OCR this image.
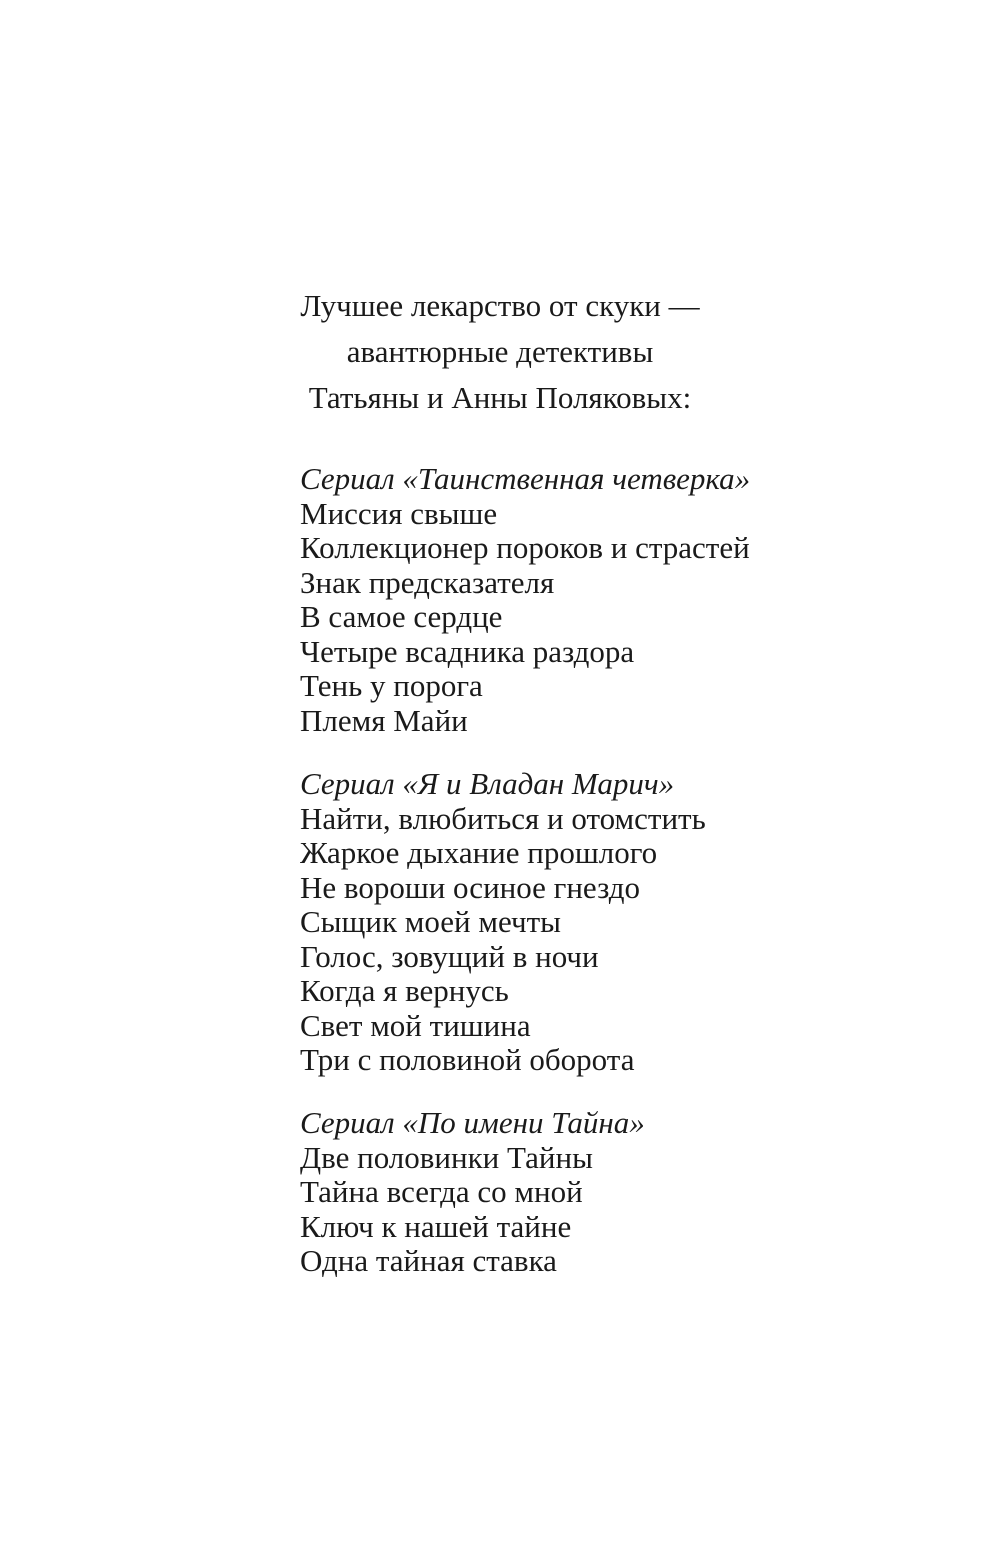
Лучшее лекарство от скуки —
авантюрные детективы
Татьяны и Анны Поляковых:
Сериал «Таинственная четверка»
Миссия свыше
Коллекционер пороков и страстей
Знак предсказателя
В самое сердце
Четыре всадника раздора
Тень у порога
Племя Майи
Сериал «Я и Владан Марич»
Найти, влюбиться и отомстить
Жаркое дыхание прошлого
Не вороши осиное гнездо
Сыщик моей мечты
Голос, зовущий в ночи
Когда я вернусь
Свет мой тишина
Три с половиной оборота
Сериал «По имени Тайна»
Две половинки Тайны
Тайна всегда со мной
Ключ к нашей тайне
Одна тайная ставка
